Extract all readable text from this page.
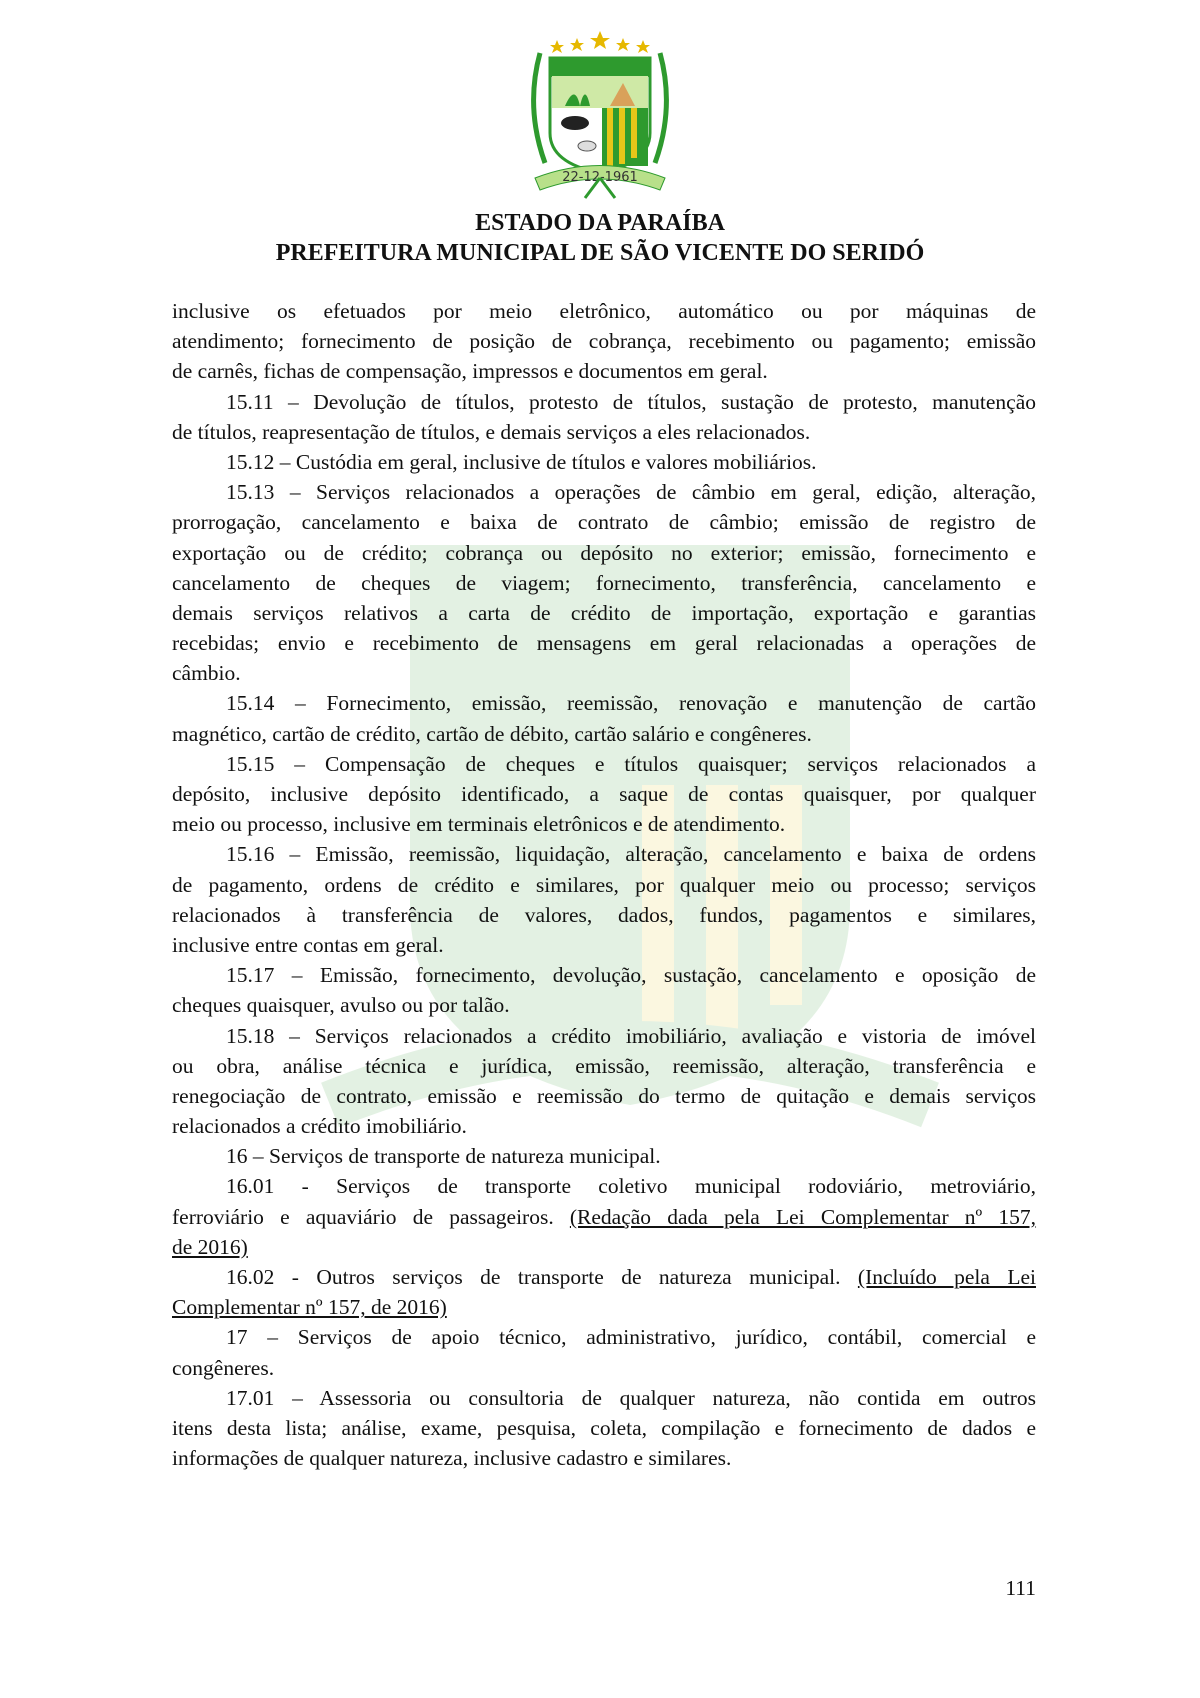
22-12-1961
ESTADO DA PARAÍBA
PREFEITURA MUNICIPAL DE SÃO VICENTE DO SERIDÓ
inclusive os efetuados por meio eletrônico, automático ou por máquinas de
atendimento; fornecimento de posição de cobrança, recebimento ou pagamento; emissão
de carnês, fichas de compensação, impressos e documentos em geral.
15.11 – Devolução de títulos, protesto de títulos, sustação de protesto, manutenção
de títulos, reapresentação de títulos, e demais serviços a eles relacionados.
15.12 – Custódia em geral, inclusive de títulos e valores mobiliários.
15.13 – Serviços relacionados a operações de câmbio em geral, edição, alteração,
prorrogação, cancelamento e baixa de contrato de câmbio; emissão de registro de
exportação ou de crédito; cobrança ou depósito no exterior; emissão, fornecimento e
cancelamento de cheques de viagem; fornecimento, transferência, cancelamento e
demais serviços relativos a carta de crédito de importação, exportação e garantias
recebidas; envio e recebimento de mensagens em geral relacionadas a operações de
câmbio.
15.14 – Fornecimento, emissão, reemissão, renovação e manutenção de cartão
magnético, cartão de crédito, cartão de débito, cartão salário e congêneres.
15.15 – Compensação de cheques e títulos quaisquer; serviços relacionados a
depósito, inclusive depósito identificado, a saque de contas quaisquer, por qualquer
meio ou processo, inclusive em terminais eletrônicos e de atendimento.
15.16 – Emissão, reemissão, liquidação, alteração, cancelamento e baixa de ordens
de pagamento, ordens de crédito e similares, por qualquer meio ou processo; serviços
relacionados à transferência de valores, dados, fundos, pagamentos e similares,
inclusive entre contas em geral.
15.17 – Emissão, fornecimento, devolução, sustação, cancelamento e oposição de
cheques quaisquer, avulso ou por talão.
15.18 – Serviços relacionados a crédito imobiliário, avaliação e vistoria de imóvel
ou obra, análise técnica e jurídica, emissão, reemissão, alteração, transferência e
renegociação de contrato, emissão e reemissão do termo de quitação e demais serviços
relacionados a crédito imobiliário.
16 – Serviços de transporte de natureza municipal.
16.01 - Serviços de transporte coletivo municipal rodoviário, metroviário,
ferroviário e aquaviário de passageiros. (Redação dada pela Lei Complementar nº 157,
de 2016)
16.02 - Outros serviços de transporte de natureza municipal. (Incluído pela Lei
Complementar nº 157, de 2016)
17 – Serviços de apoio técnico, administrativo, jurídico, contábil, comercial e
congêneres.
17.01 – Assessoria ou consultoria de qualquer natureza, não contida em outros
itens desta lista; análise, exame, pesquisa, coleta, compilação e fornecimento de dados e
informações de qualquer natureza, inclusive cadastro e similares.
111
